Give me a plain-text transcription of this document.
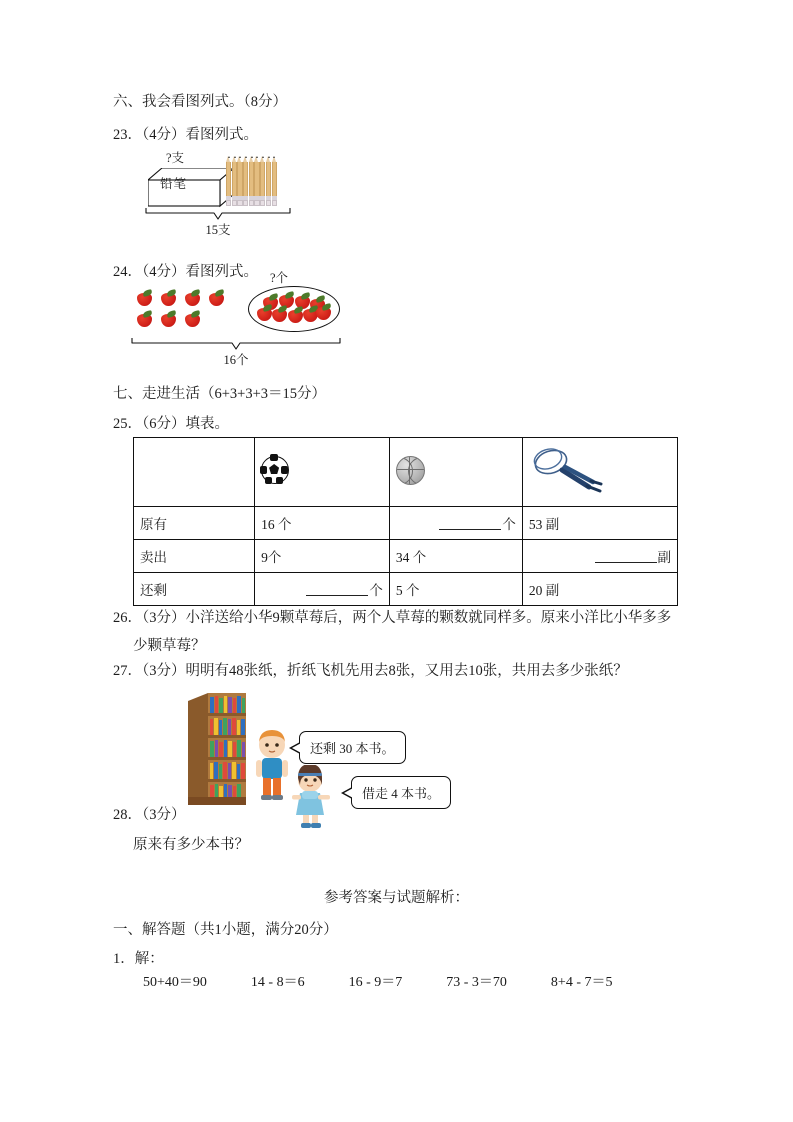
六、我会看图列式。（8分）
23．（4分）看图列式。
?支
铅笔
15支
24．（4分）看图列式。 ?个
16个
七、走进生活（6+3+3+3＝15分）
25．（6分）填表。

原有	16 个	个	53 副
卖出	9个	34 个	副
还剩	个	5 个	20 副
26．（3分）小洋送给小华9颗草莓后，两个人草莓的颗数就同样多。原来小洋比小华多多
少颗草莓？
27．（3分）明明有48张纸，折纸飞机先用去8张，又用去10张，共用去多少张纸？
还剩 30 本书。
借走 4 本书。
28．（3分）
原来有多少本书？
参考答案与试题解析：
一、解答题（共1小题，满分20分）
1．解：
50+40＝90	14 - 8＝6	16 - 9＝7	73 - 3＝70	8+4 - 7＝5
